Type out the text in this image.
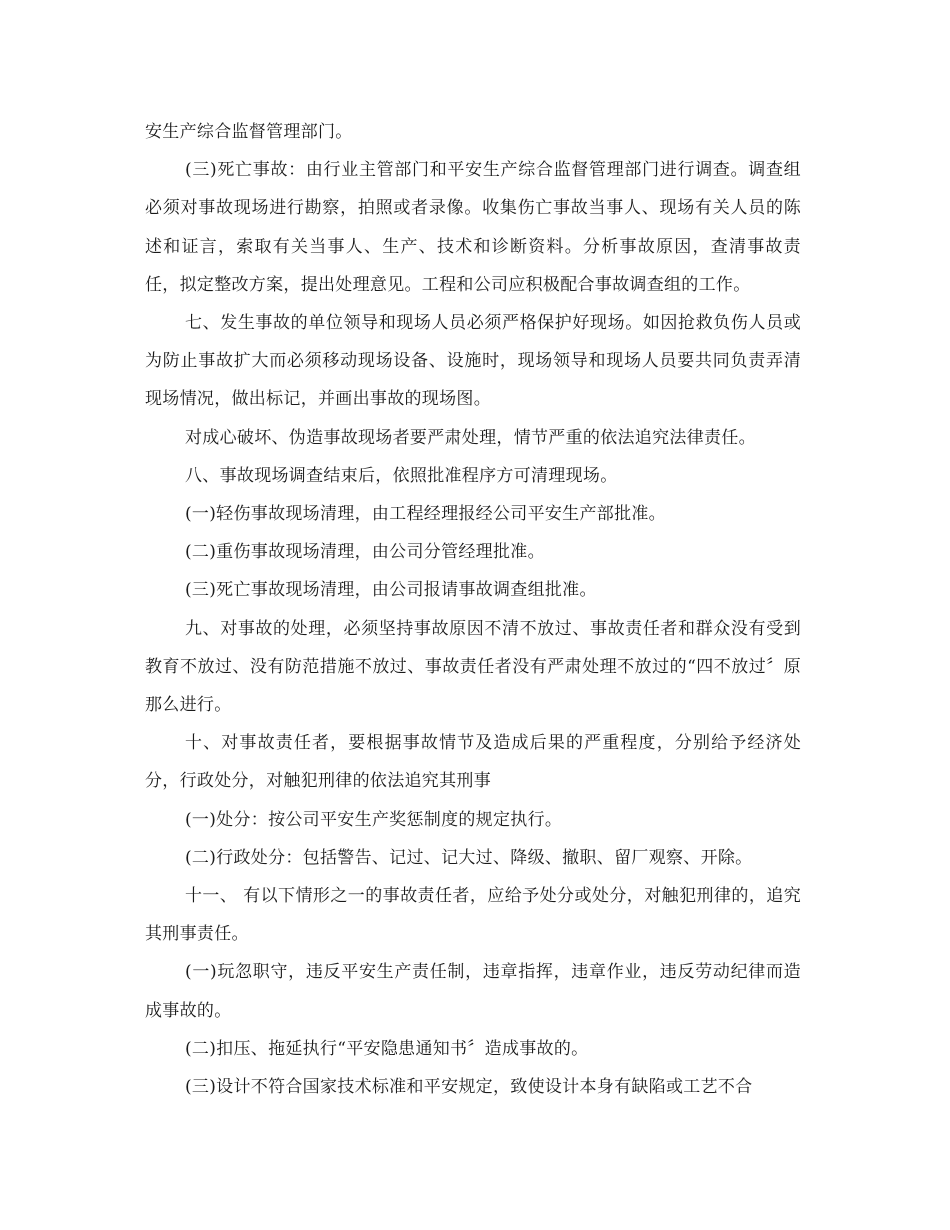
安生产综合监督管理部门。

(三)死亡事故：由行业主管部门和平安生产综合监督管理部门进行调查。调查组必须对事故现场进行勘察，拍照或者录像。收集伤亡事故当事人、现场有关人员的陈述和证言，索取有关当事人、生产、技术和诊断资料。分析事故原因，查清事故责任，拟定整改方案，提出处理意见。工程和公司应积极配合事故调查组的工作。

七、发生事故的单位领导和现场人员必须严格保护好现场。如因抢救负伤人员或为防止事故扩大而必须移动现场设备、设施时，现场领导和现场人员要共同负责弄清现场情况，做出标记，并画出事故的现场图。

对成心破坏、伪造事故现场者要严肃处理，情节严重的依法追究法律责任。

八、事故现场调查结束后，依照批准程序方可清理现场。

(一)轻伤事故现场清理，由工程经理报经公司平安生产部批准。

(二)重伤事故现场清理，由公司分管经理批准。

(三)死亡事故现场清理，由公司报请事故调查组批准。

九、对事故的处理，必须坚持事故原因不清不放过、事故责任者和群众没有受到教育不放过、没有防范措施不放过、事故责任者没有严肃处理不放过的“四不放过〞原那么进行。

十、对事故责任者，要根据事故情节及造成后果的严重程度，分别给予经济处分，行政处分，对触犯刑律的依法追究其刑事

(一)处分：按公司平安生产奖惩制度的规定执行。

(二)行政处分：包括警告、记过、记大过、降级、撤职、留厂观察、开除。

十一、 有以下情形之一的事故责任者，应给予处分或处分，对触犯刑律的，追究其刑事责任。

(一)玩忽职守，违反平安生产责任制，违章指挥，违章作业，违反劳动纪律而造成事故的。

(二)扣压、拖延执行“平安隐患通知书〞造成事故的。

(三)设计不符合国家技术标准和平安规定，致使设计本身有缺陷或工艺不合
